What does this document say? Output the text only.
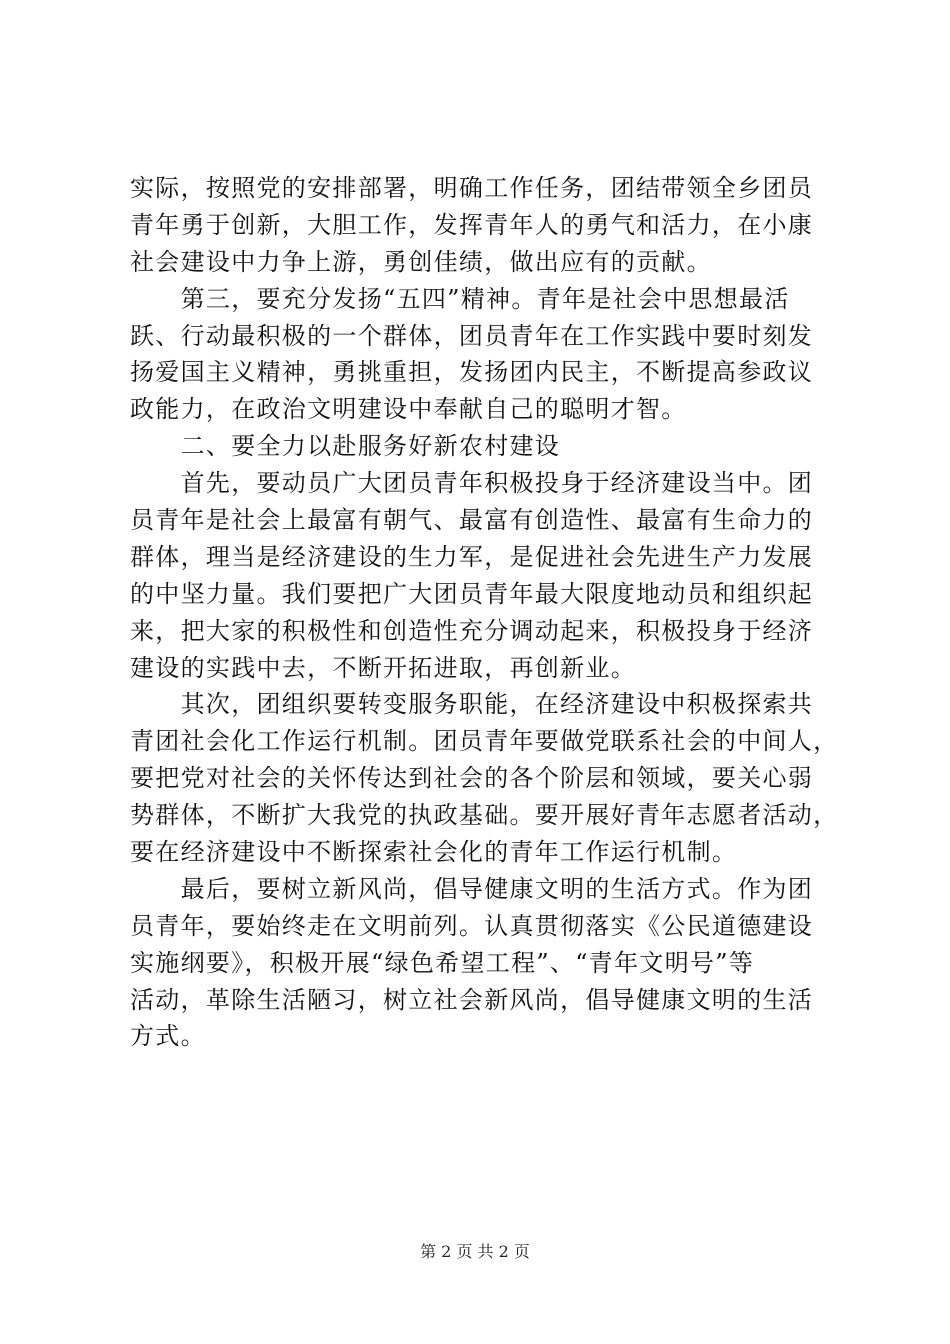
实际，按照党的安排部署，明确工作任务，团结带领全乡团员
青年勇于创新，大胆工作，发挥青年人的勇气和活力，在小康
社会建设中力争上游，勇创佳绩，做出应有的贡献。
　　第三，要充分发扬“五四”精神。青年是社会中思想最活
跃、行动最积极的一个群体，团员青年在工作实践中要时刻发
扬爱国主义精神，勇挑重担，发扬团内民主，不断提高参政议
政能力，在政治文明建设中奉献自己的聪明才智。
　　二、要全力以赴服务好新农村建设
　　首先，要动员广大团员青年积极投身于经济建设当中。团
员青年是社会上最富有朝气、最富有创造性、最富有生命力的
群体，理当是经济建设的生力军，是促进社会先进生产力发展
的中坚力量。我们要把广大团员青年最大限度地动员和组织起
来，把大家的积极性和创造性充分调动起来，积极投身于经济
建设的实践中去，不断开拓进取，再创新业。
　　其次，团组织要转变服务职能，在经济建设中积极探索共
青团社会化工作运行机制。团员青年要做党联系社会的中间人，
要把党对社会的关怀传达到社会的各个阶层和领域，要关心弱
势群体，不断扩大我党的执政基础。要开展好青年志愿者活动，
要在经济建设中不断探索社会化的青年工作运行机制。
　　最后，要树立新风尚，倡导健康文明的生活方式。作为团
员青年，要始终走在文明前列。认真贯彻落实《公民道德建设
实施纲要》，积极开展“绿色希望工程”、“青年文明号”等
活动，革除生活陋习，树立社会新风尚，倡导健康文明的生活
方式。
第 2 页 共 2 页
